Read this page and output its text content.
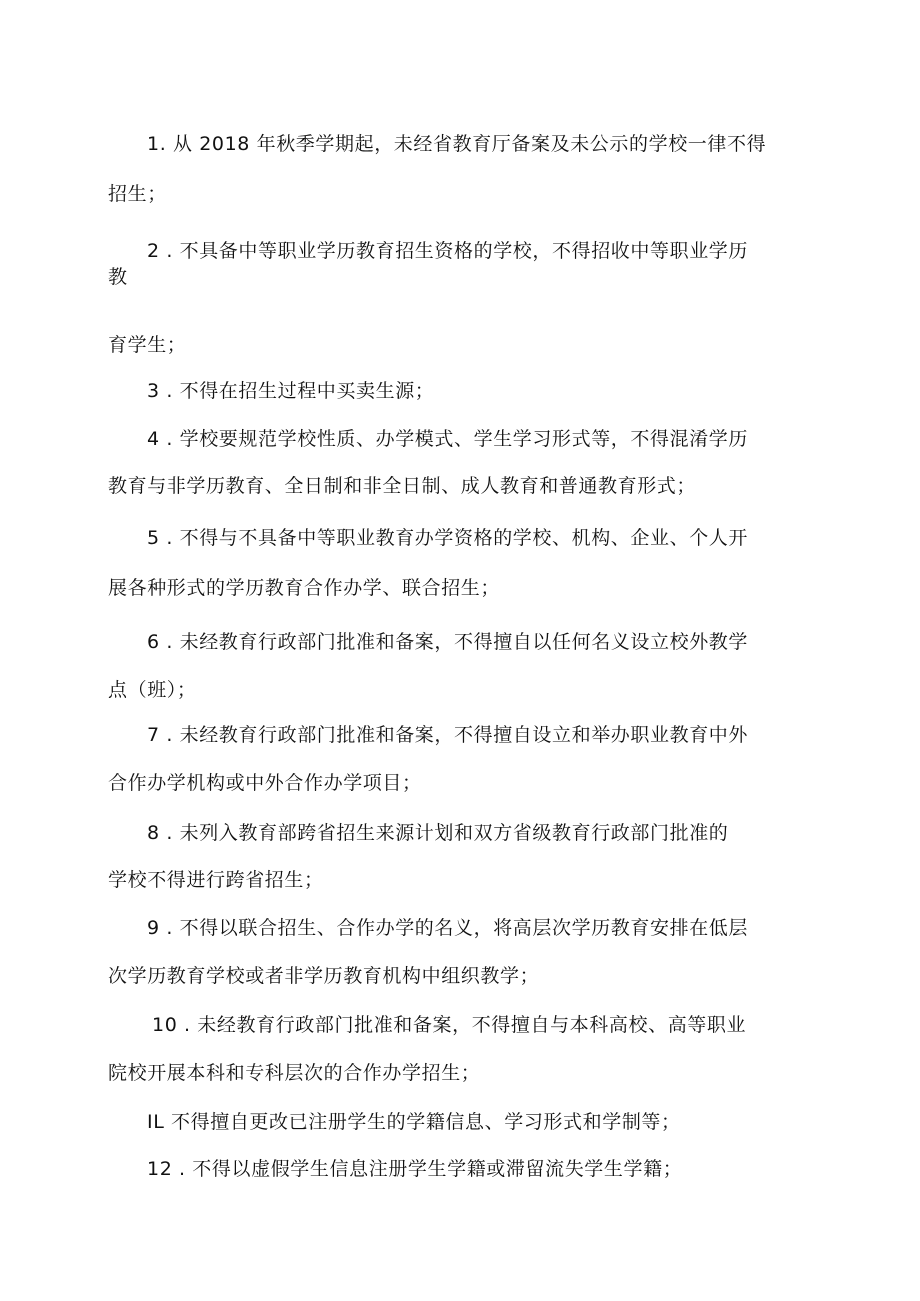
1. 从 2018 年秋季学期起，未经省教育厅备案及未公示的学校一律不得
招生；
2 . 不具备中等职业学历教育招生资格的学校，不得招收中等职业学历
教
育学生；
3 . 不得在招生过程中买卖生源；
4 . 学校要规范学校性质、办学模式、学生学习形式等，不得混淆学历
教育与非学历教育、全日制和非全日制、成人教育和普通教育形式；
5 . 不得与不具备中等职业教育办学资格的学校、机构、企业、个人开
展各种形式的学历教育合作办学、联合招生；
6 . 未经教育行政部门批准和备案，不得擅自以任何名义设立校外教学
点（班）；
7 . 未经教育行政部门批准和备案，不得擅自设立和举办职业教育中外
合作办学机构或中外合作办学项目；
8 . 未列入教育部跨省招生来源计划和双方省级教育行政部门批准的
学校不得进行跨省招生；
9 . 不得以联合招生、合作办学的名义，将高层次学历教育安排在低层
次学历教育学校或者非学历教育机构中组织教学；
10 . 未经教育行政部门批准和备案，不得擅自与本科高校、高等职业
院校开展本科和专科层次的合作办学招生；
IL 不得擅自更改已注册学生的学籍信息、学习形式和学制等；
12 . 不得以虚假学生信息注册学生学籍或滞留流失学生学籍；
